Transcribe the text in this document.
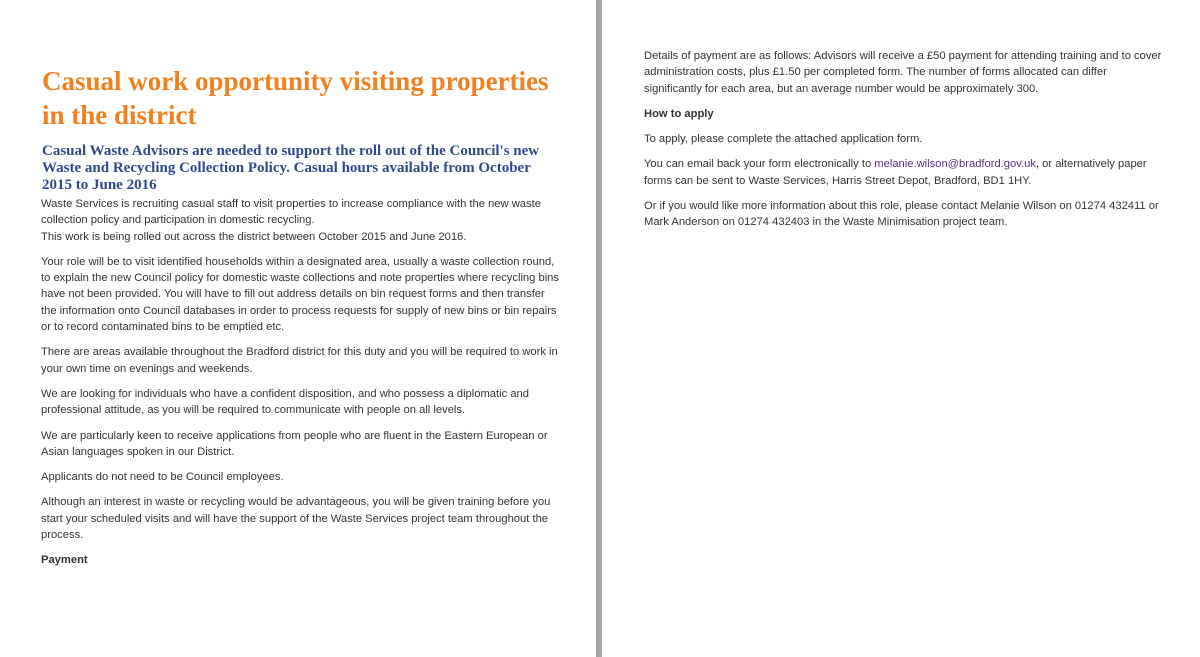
Casual work opportunity visiting properties in the district
Casual Waste Advisors are needed to support the roll out of the Council's new Waste and Recycling Collection Policy. Casual hours available from October 2015 to June 2016
Waste Services is recruiting casual staff to visit properties to increase compliance with the new waste collection policy and participation in domestic recycling.
This work is being rolled out across the district between October 2015 and June 2016.

Your role will be to visit identified households within a designated area, usually a waste collection round, to explain the new Council policy for domestic waste collections and note properties where recycling bins have not been provided. You will have to fill out address details on bin request forms and then transfer the information onto Council databases in order to process requests for supply of new bins or bin repairs or to record contaminated bins to be emptied etc.

There are areas available throughout the Bradford district for this duty and you will be required to work in your own time on evenings and weekends.

We are looking for individuals who have a confident disposition, and who possess a diplomatic and professional attitude, as you will be required to communicate with people on all levels.

We are particularly keen to receive applications from people who are fluent in the Eastern European or Asian languages spoken in our District.

Applicants do not need to be Council employees.

Although an interest in waste or recycling would be advantageous, you will be given training before you start your scheduled visits and will have the support of the Waste Services project team throughout the process.

Payment

Details of payment are as follows: Advisors will receive a £50 payment for attending training and to cover administration costs, plus £1.50 per completed form. The number of forms allocated can differ significantly for each area, but an average number would be approximately 300.

How to apply

To apply, please complete the attached application form.

You can email back your form electronically to melanie.wilson@bradford.gov.uk, or alternatively paper forms can be sent to Waste Services, Harris Street Depot, Bradford, BD1 1HY.

Or if you would like more information about this role, please contact Melanie Wilson on 01274 432411 or Mark Anderson on 01274 432403 in the Waste Minimisation project team.
